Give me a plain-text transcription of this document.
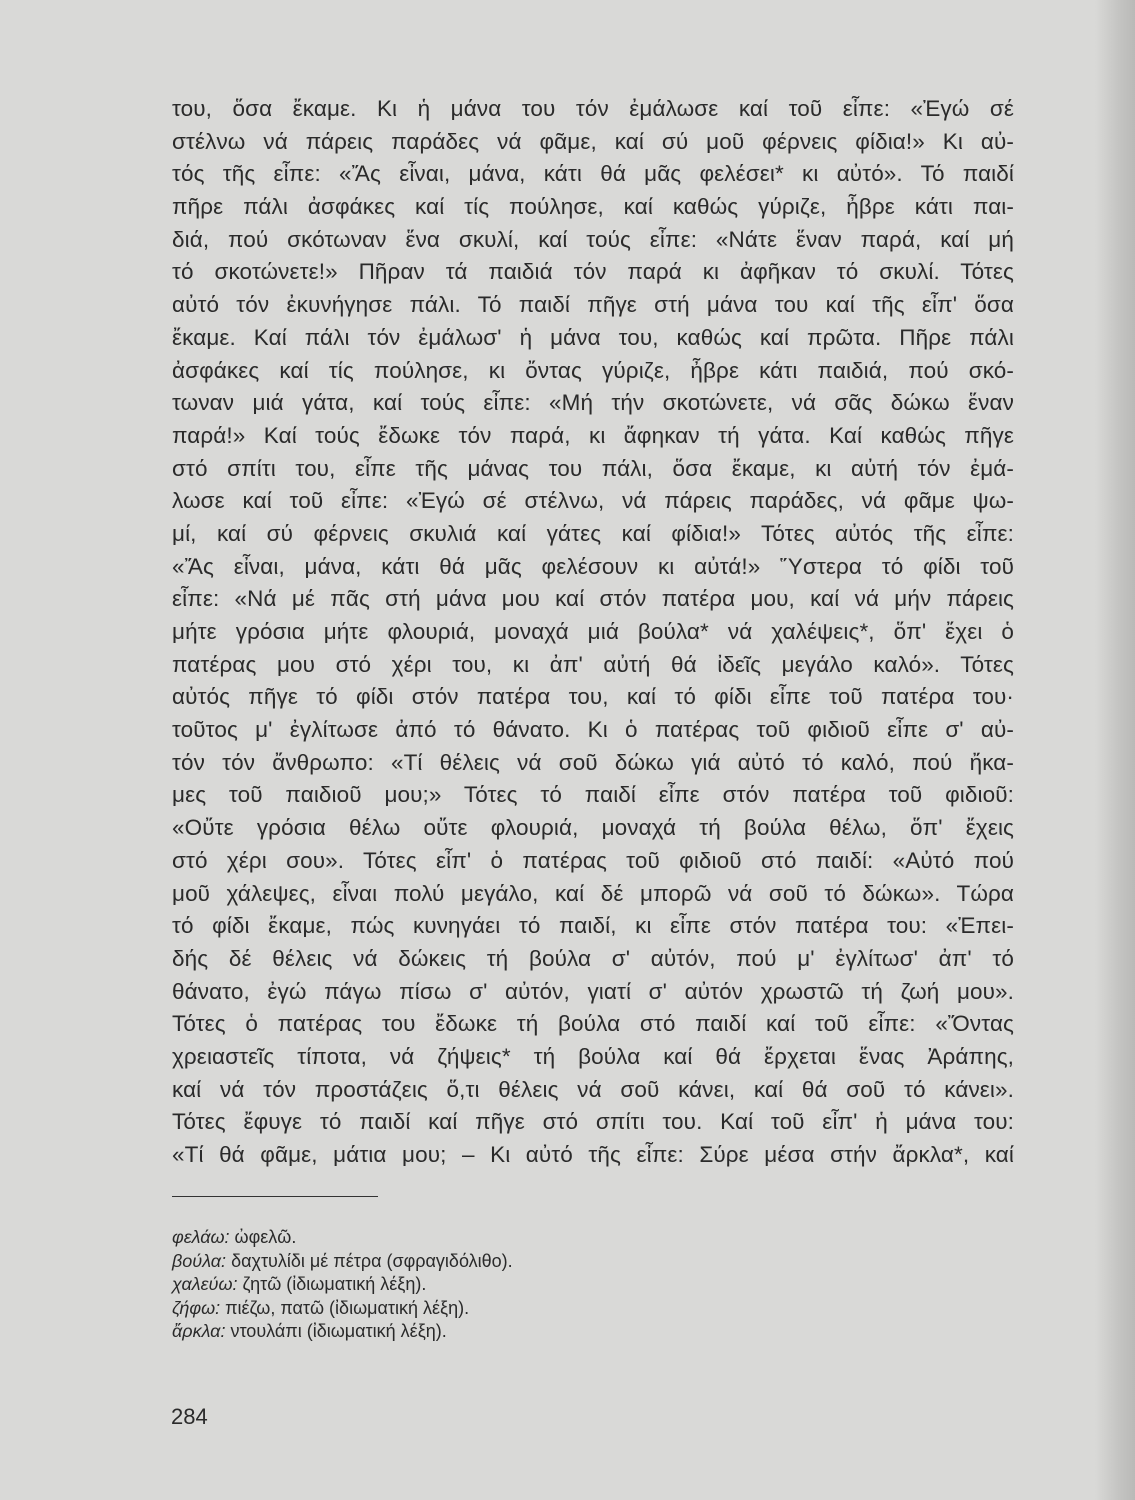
του, ὅσα ἔκαμε. Κι ἡ μάνα του τόν ἐμάλωσε καί τοῦ εἶπε: «Ἐγώ σέ
στέλνω νά πάρεις παράδες νά φᾶμε, καί σύ μοῦ φέρνεις φίδια!» Κι αὐ-
τός τῆς εἶπε: «Ἄς εἶναι, μάνα, κάτι θά μᾶς φελέσει* κι αὐτό». Τό παιδί
πῆρε πάλι ἀσφάκες καί τίς πούλησε, καί καθώς γύριζε, ἦβρε κάτι παι-
διά, πού σκότωναν ἕνα σκυλί, καί τούς εἶπε: «Νάτε ἕναν παρά, καί μή
τό σκοτώνετε!» Πῆραν τά παιδιά τόν παρά κι ἀφῆκαν τό σκυλί. Τότες
αὐτό τόν ἐκυνήγησε πάλι. Τό παιδί πῆγε στή μάνα του καί τῆς εἶπ' ὅσα
ἔκαμε. Καί πάλι τόν ἐμάλωσ' ἡ μάνα του, καθώς καί πρῶτα. Πῆρε πάλι
ἀσφάκες καί τίς πούλησε, κι ὄντας γύριζε, ἦβρε κάτι παιδιά, πού σκό-
τωναν μιά γάτα, καί τούς εἶπε: «Μή τήν σκοτώνετε, νά σᾶς δώκω ἕναν
παρά!» Καί τούς ἔδωκε τόν παρά, κι ἄφηκαν τή γάτα. Καί καθώς πῆγε
στό σπίτι του, εἶπε τῆς μάνας του πάλι, ὅσα ἔκαμε, κι αὐτή τόν ἐμά-
λωσε καί τοῦ εἶπε: «Ἐγώ σέ στέλνω, νά πάρεις παράδες, νά φᾶμε ψω-
μί, καί σύ φέρνεις σκυλιά καί γάτες καί φίδια!» Τότες αὐτός τῆς εἶπε:
«Ἄς εἶναι, μάνα, κάτι θά μᾶς φελέσουν κι αὐτά!» Ὕστερα τό φίδι τοῦ
εἶπε: «Νά μέ πᾶς στή μάνα μου καί στόν πατέρα μου, καί νά μήν πάρεις
μήτε γρόσια μήτε φλουριά, μοναχά μιά βούλα* νά χαλέψεις*, ὅπ' ἔχει ὁ
πατέρας μου στό χέρι του, κι ἀπ' αὐτή θά ἰδεῖς μεγάλο καλό». Τότες
αὐτός πῆγε τό φίδι στόν πατέρα του, καί τό φίδι εἶπε τοῦ πατέρα του·
τοῦτος μ' ἐγλίτωσε ἀπό τό θάνατο. Κι ὁ πατέρας τοῦ φιδιοῦ εἶπε σ' αὐ-
τόν τόν ἄνθρωπο: «Τί θέλεις νά σοῦ δώκω γιά αὐτό τό καλό, πού ἤκα-
μες τοῦ παιδιοῦ μου;» Τότες τό παιδί εἶπε στόν πατέρα τοῦ φιδιοῦ:
«Οὔτε γρόσια θέλω οὔτε φλουριά, μοναχά τή βούλα θέλω, ὅπ' ἔχεις
στό χέρι σου». Τότες εἶπ' ὁ πατέρας τοῦ φιδιοῦ στό παιδί: «Αὐτό πού
μοῦ χάλεψες, εἶναι πολύ μεγάλο, καί δέ μπορῶ νά σοῦ τό δώκω». Τώρα
τό φίδι ἔκαμε, πώς κυνηγάει τό παιδί, κι εἶπε στόν πατέρα του: «Ἐπει-
δής δέ θέλεις νά δώκεις τή βούλα σ' αὐτόν, πού μ' ἐγλίτωσ' ἀπ' τό
θάνατο, ἐγώ πάγω πίσω σ' αὐτόν, γιατί σ' αὐτόν χρωστῶ τή ζωή μου».
Τότες ὁ πατέρας του ἔδωκε τή βούλα στό παιδί καί τοῦ εἶπε: «Ὄντας
χρειαστεῖς τίποτα, νά ζήψεις* τή βούλα καί θά ἔρχεται ἕνας Ἀράπης,
καί νά τόν προστάζεις ὅ,τι θέλεις νά σοῦ κάνει, καί θά σοῦ τό κάνει».
Τότες ἔφυγε τό παιδί καί πῆγε στό σπίτι του. Καί τοῦ εἶπ' ἡ μάνα του:
«Τί θά φᾶμε, μάτια μου; – Κι αὐτό τῆς εἶπε: Σύρε μέσα στήν ἄρκλα*, καί
φελάω: ὠφελῶ.
βούλα: δαχτυλίδι μέ πέτρα (σφραγιδόλιθο).
χαλεύω: ζητῶ (ἰδιωματική λέξη).
ζήφω: πιέζω, πατῶ (ἰδιωματική λέξη).
ἄρκλα: ντουλάπι (ἰδιωματική λέξη).
284
